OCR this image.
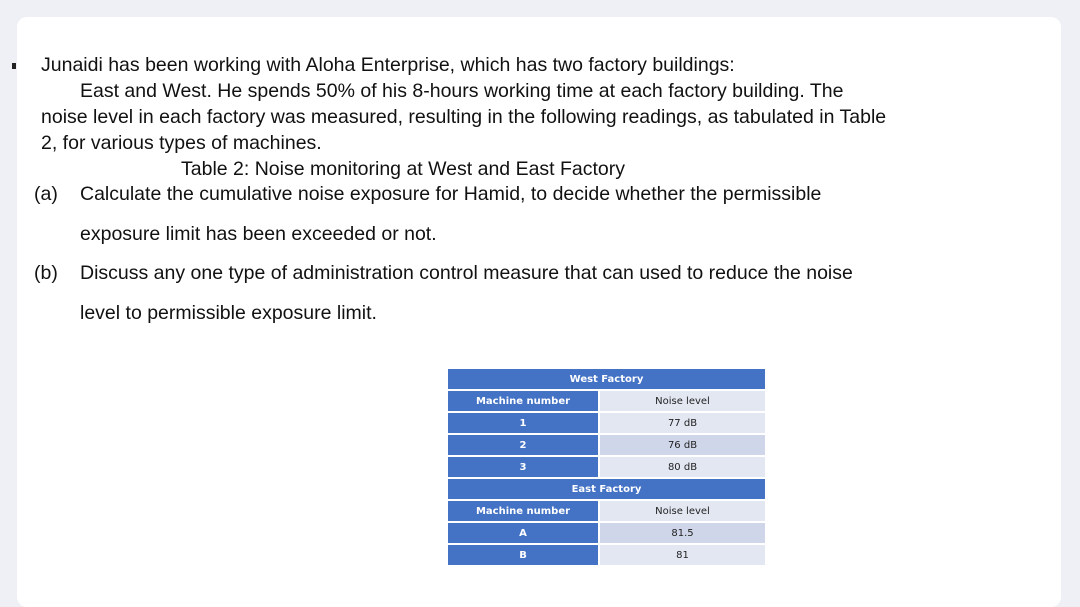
Junaidi has been working with Aloha Enterprise, which has two factory buildings:
East and West. He spends 50% of his 8-hours working time at each factory building. The
noise level in each factory was measured, resulting in the following readings, as tabulated in Table
2, for various types of machines.
Table 2: Noise monitoring at West and East Factory
(a) Calculate the cumulative noise exposure for Hamid, to decide whether the permissible
exposure limit has been exceeded or not.
(b) Discuss any one type of administration control measure that can used to reduce the noise
level to permissible exposure limit.
West Factory	
Machine number	Noise level
1	77 dB
2	76 dB
3	80 dB
East Factory	
Machine number	Noise level
A	81.5
B	81
